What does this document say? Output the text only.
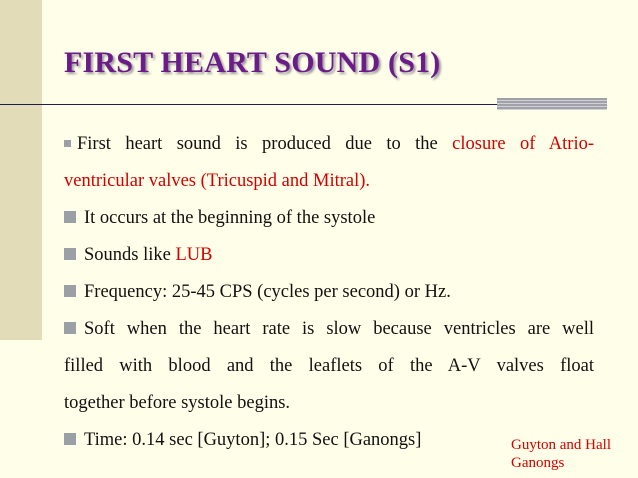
FIRST HEART SOUND (S1)
First heart sound is produced due to the closure of Atrio-
ventricular valves (Tricuspid and Mitral).
It occurs at the beginning of the systole
Sounds like LUB
Frequency: 25-45 CPS (cycles per second) or Hz.
Soft when the heart rate is slow because ventricles are well
filled with blood and the leaflets of the A-V valves float
together before systole begins.
Time: 0.14 sec [Guyton]; 0.15 Sec [Ganongs]	Guyton and Hall
Ganongs
